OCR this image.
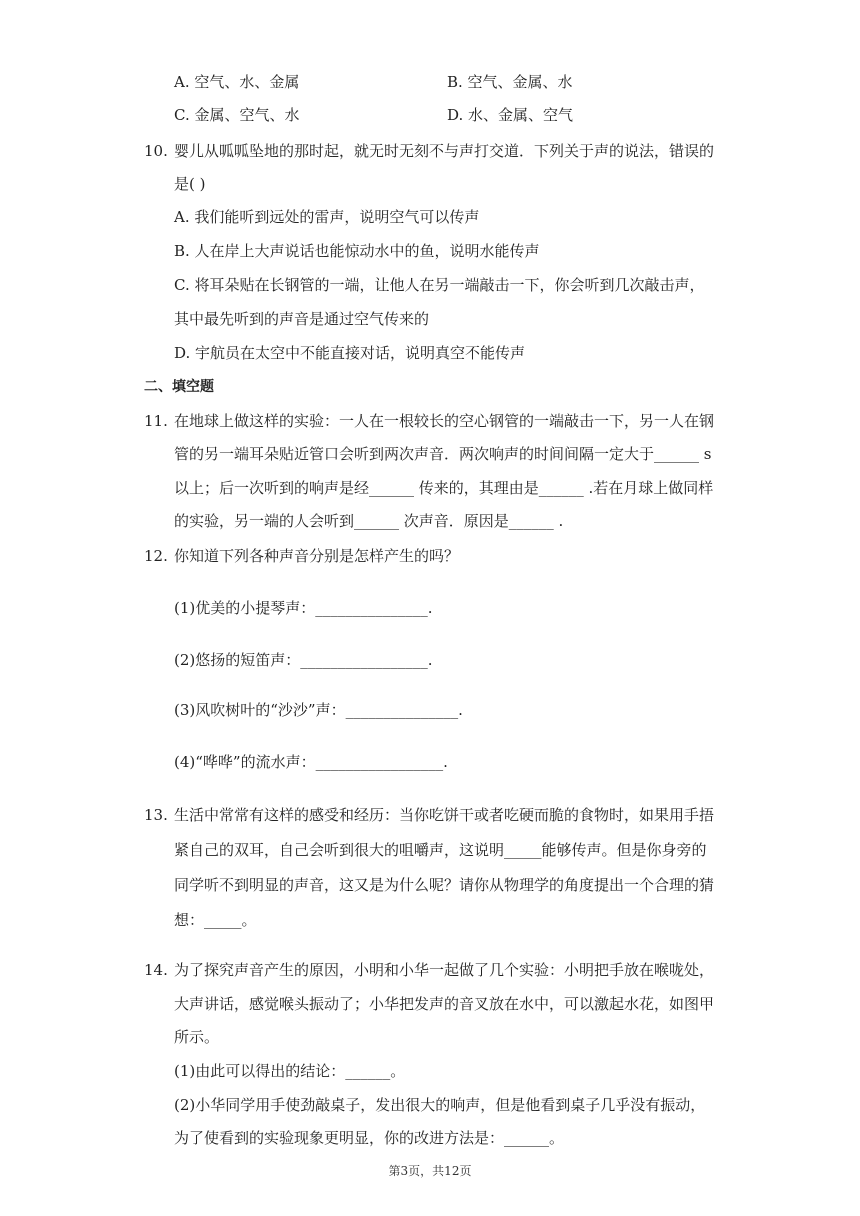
A. 空气、水、金属	B. 空气、金属、水
C. 金属、空气、水	D. 水、金属、空气
10. 婴儿从呱呱坠地的那时起，就无时无刻不与声打交道．下列关于声的说法，错误的
是( )
A. 我们能听到远处的雷声，说明空气可以传声
B. 人在岸上大声说话也能惊动水中的鱼，说明水能传声
C. 将耳朵贴在长钢管的一端，让他人在另一端敲击一下，你会听到几次敲击声，
其中最先听到的声音是通过空气传来的
D. 宇航员在太空中不能直接对话，说明真空不能传声
二、填空题
11. 在地球上做这样的实验：一人在一根较长的空心钢管的一端敲击一下，另一人在钢
管的另一端耳朵贴近管口会听到两次声音．两次响声的时间间隔一定大于______ s
以上；后一次听到的响声是经______ 传来的，其理由是______ .若在月球上做同样
的实验，另一端的人会听到______ 次声音．原因是______ .
12. 你知道下列各种声音分别是怎样产生的吗？
(1)优美的小提琴声：_______________.
(2)悠扬的短笛声：_________________.
(3)风吹树叶的“沙沙”声：_______________.
(4)“哗哗”的流水声：_________________.
13. 生活中常常有这样的感受和经历：当你吃饼干或者吃硬而脆的食物时，如果用手捂
紧自己的双耳，自己会听到很大的咀嚼声，这说明_____能够传声。但是你身旁的
同学听不到明显的声音，这又是为什么呢？请你从物理学的角度提出一个合理的猜
想：_____。
14. 为了探究声音产生的原因，小明和小华一起做了几个实验：小明把手放在喉咙处，
大声讲话，感觉喉头振动了；小华把发声的音叉放在水中，可以激起水花，如图甲
所示。
(1)由此可以得出的结论：______。
(2)小华同学用手使劲敲桌子，发出很大的响声，但是他看到桌子几乎没有振动，
为了使看到的实验现象更明显，你的改进方法是：______。
第3页，共12页
